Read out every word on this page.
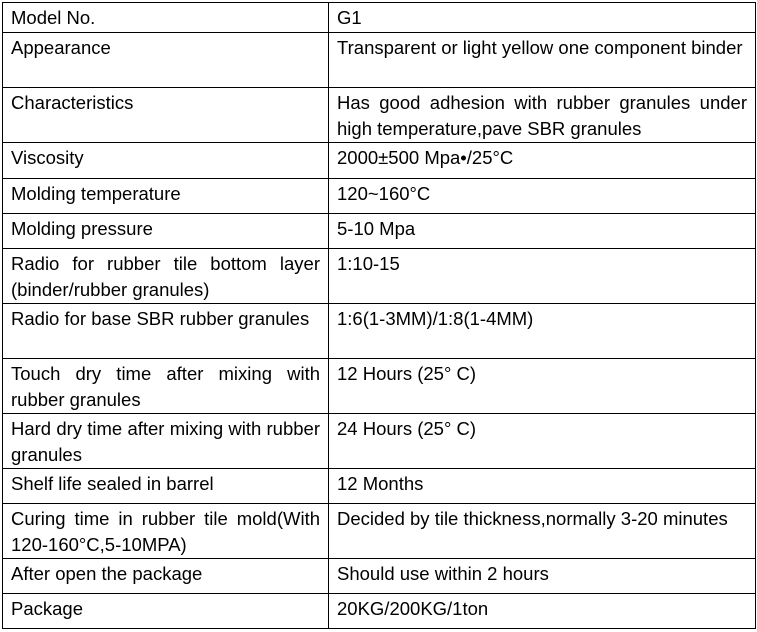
Model No.	G1
Appearance	Transparent or light yellow one component binder
Characteristics	Has good adhesion with rubber granules under high temperature,pave SBR granules
Viscosity	2000±500 Mpa•/25°C
Molding temperature	120~160°C
Molding pressure	5-10 Mpa
Radio for rubber tile bottom layer (binder/rubber granules)	1:10-15
Radio for base SBR rubber granules	1:6(1-3MM)/1:8(1-4MM)
Touch dry time after mixing with rubber granules	12 Hours (25° C)
Hard dry time after mixing with rubber granules	24 Hours (25° C)
Shelf life sealed in barrel	12 Months
Curing time in rubber tile mold(With 120-160°C,5-10MPA)	Decided by tile thickness,normally 3-20 minutes
After open the package	Should use within 2 hours
Package	20KG/200KG/1ton
